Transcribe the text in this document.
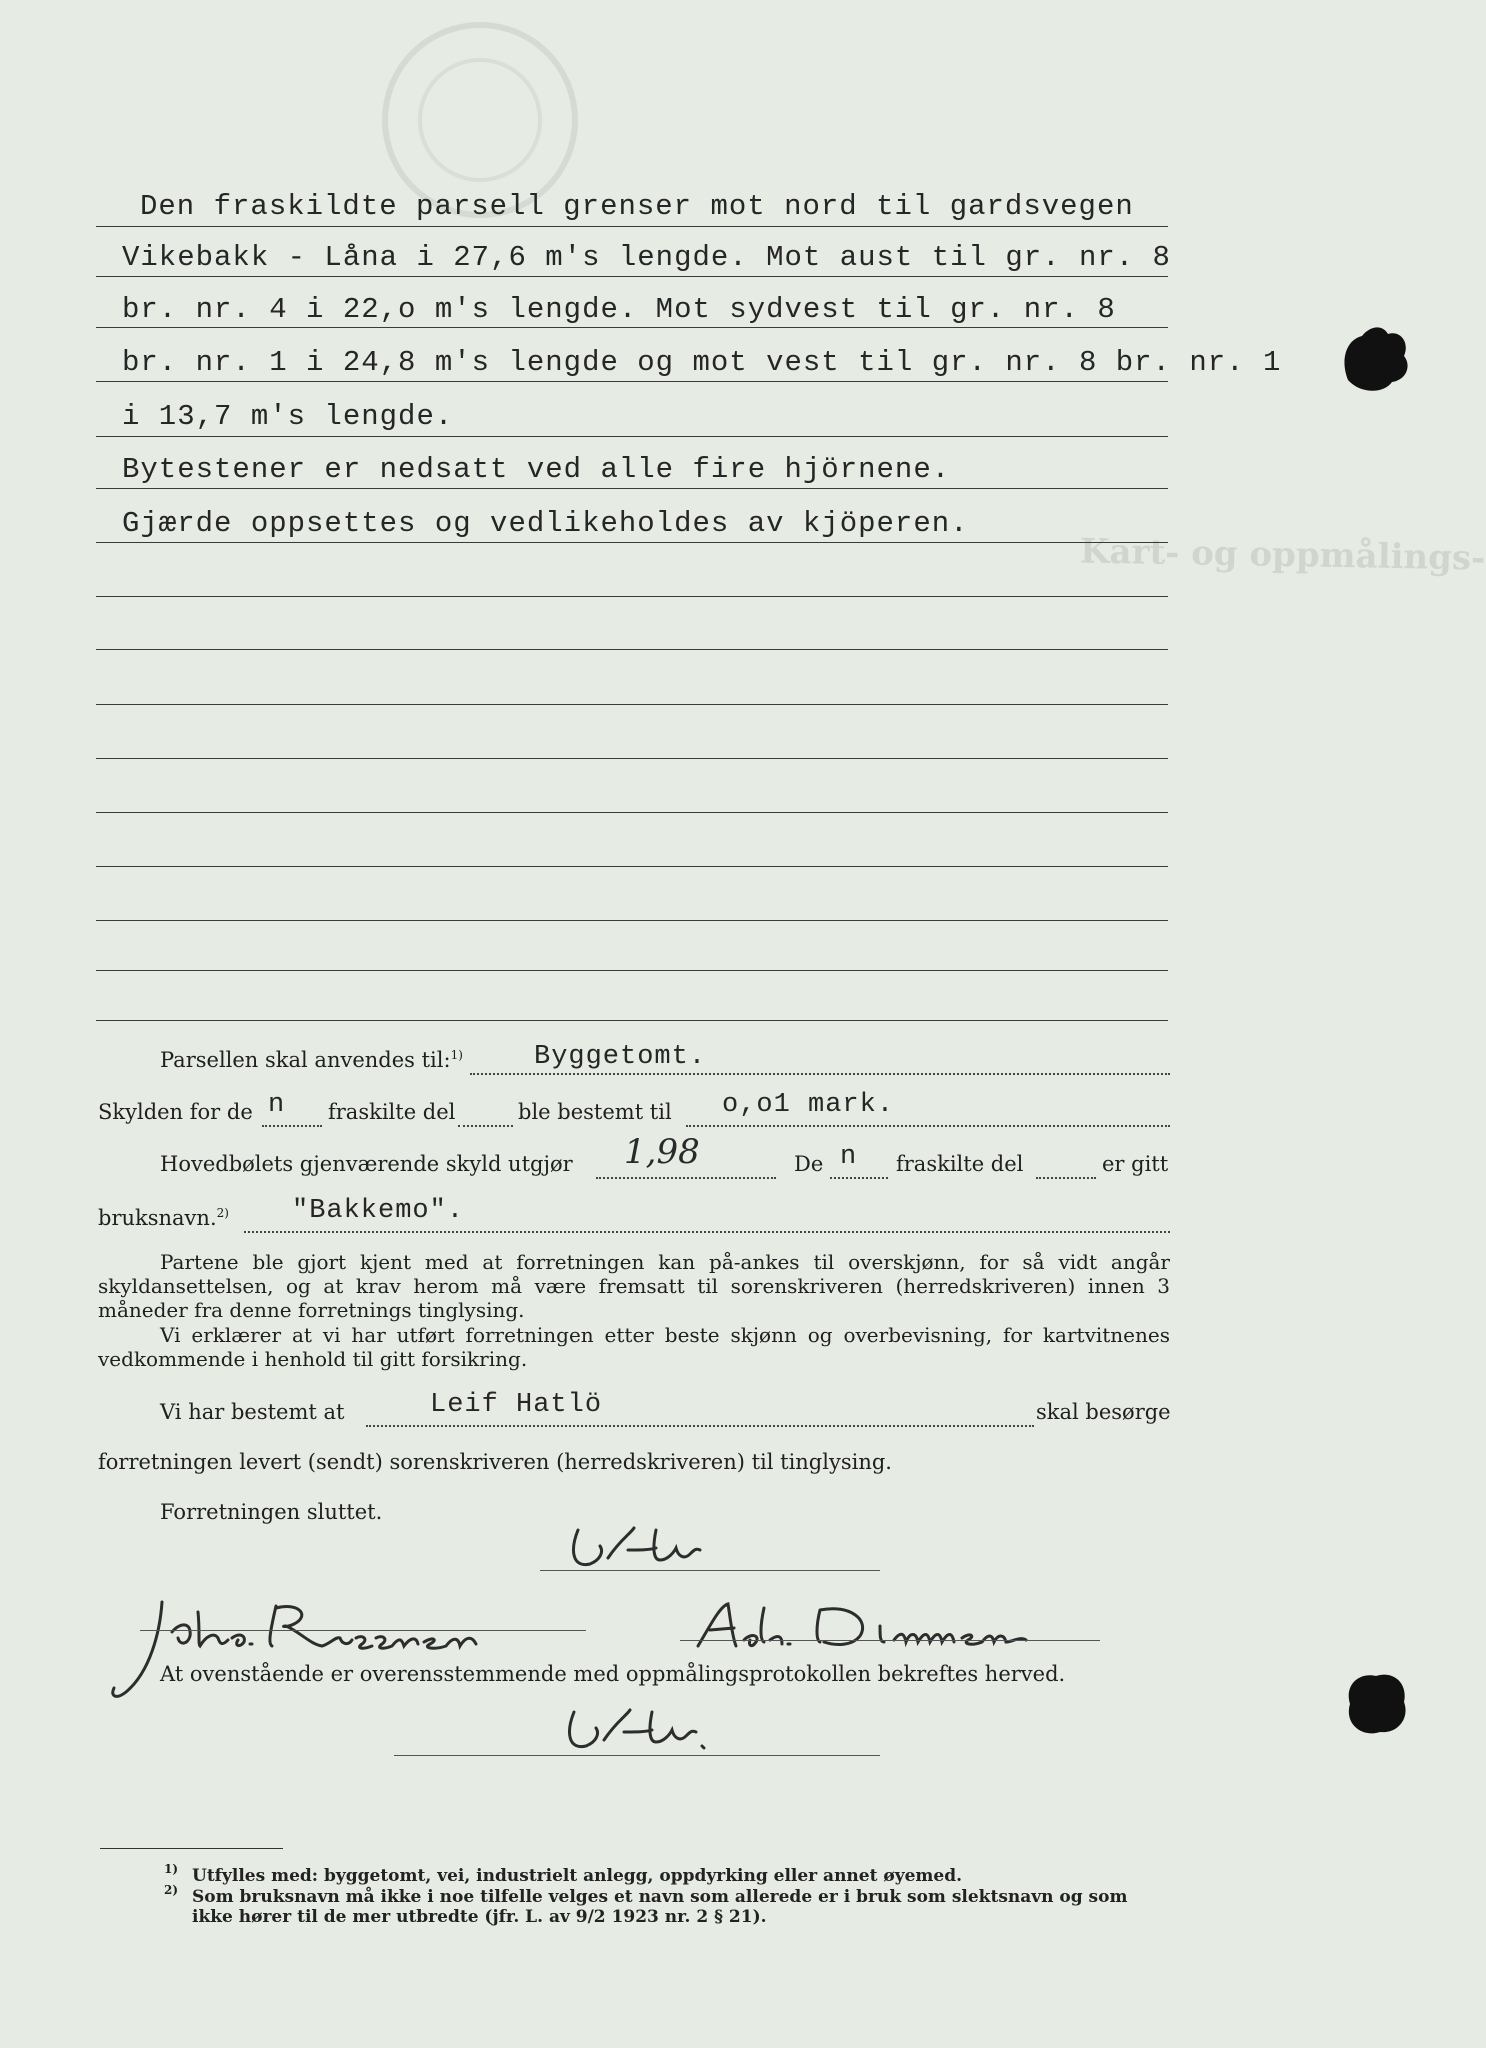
Kart- og oppmålings-
Den fraskildte parsell grenser mot nord til gardsvegen
Vikebakk - Låna i 27,6 m's lengde. Mot aust til gr. nr. 8
br. nr. 4 i 22,o m's lengde. Mot sydvest til gr. nr. 8
br. nr. 1 i 24,8 m's lengde og mot vest til gr. nr. 8 br. nr. 1
i 13,7 m's lengde.
Bytestener er nedsatt ved alle fire hjörnene.
Gjærde oppsettes og vedlikeholdes av kjöperen.
Parsellen skal anvendes til:$^{1)}$	Byggetomt.
Skylden for de n fraskilte del	ble bestemt til o,o1 mark.
Hovedbølets gjenværende skyld utgjør 1,98	De n fraskilte del	er gitt
bruksnavn.$^{2)}$ "Bakkemo".
Partene ble gjort kjent med at forretningen kan på-ankes til overskjønn, for så vidt angår skyldansettelsen, og at krav herom må være fremsatt til sorenskriveren (herredskriveren) innen 3 måneder fra denne forretnings tinglysing.
Vi erklærer at vi har utført forretningen etter beste skjønn og overbevisning, for kartvitnenes vedkommende i henhold til gitt forsikring.
Vi har bestemt at	Leif Hatlö	skal besørge
forretningen levert (sendt) sorenskriveren (herredskriveren) til tinglysing.
Forretningen sluttet.
At ovenstående er overensstemmende med oppmålingsprotokollen bekreftes herved.
1) Utfylles med: byggetomt, vei, industrielt anlegg, oppdyrking eller annet øyemed.
2) Som bruksnavn må ikke i noe tilfelle velges et navn som allerede er i bruk som slektsnavn og som ikke hører til de mer utbredte (jfr. L. av 9/2 1923 nr. 2 § 21).
